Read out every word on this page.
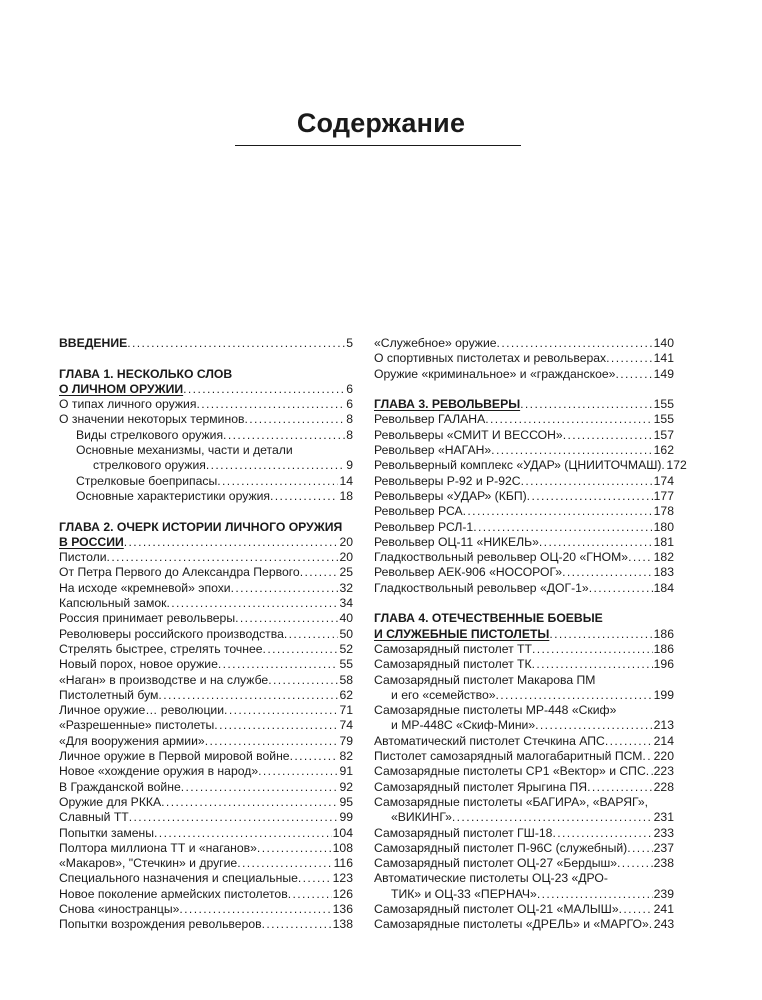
Содержание
ВВЕДЕНИЕ . . .	5
ГЛАВА 1. НЕСКОЛЬКО СЛОВ
О ЛИЧНОМ ОРУЖИИ . . .	6
О типах личного оружия . . .	6
О значении некоторых терминов . . .	8
Виды стрелкового оружия . . .	8
Основные механизмы, части и детали
стрелкового оружия . . .	9
Стрелковые боеприпасы . . .	14
Основные характеристики оружия . . .	18
ГЛАВА 2. ОЧЕРК ИСТОРИИ ЛИЧНОГО ОРУЖИЯ
В РОССИИ . . .	20
Пистоли . . .	20
От Петра Первого до Александра Первого . . .	25
На исходе «кремневой» эпохи . . .	32
Капсюльный замок . . .	34
Россия принимает револьверы . . .	40
Революверы российского производства . . .	50
Стрелять быстрее, стрелять точнее . . .	52
Новый порох, новое оружие . . .	55
«Наган» в производстве и на службе . . .	58
Пистолетный бум . . .	62
Личное оружие… революции . . .	71
«Разрешенные» пистолеты . . .	74
«Для вооружения армии» . . .	79
Личное оружие в Первой мировой войне . . .	82
Новое «хождение оружия в народ» . . .	91
В Гражданской войне . . .	92
Оружие для РККА . . .	95
Славный ТТ . . .	99
Попытки замены . . .	104
Полтора миллиона ТТ и «наганов» . . .	108
«Макаров», "Стечкин» и другие . . .	116
Специального назначения и специальные . . .	123
Новое поколение армейских пистолетов . . .	126
Снова «иностранцы» . . .	136
Попытки возрождения револьверов . . .	138
«Служебное» оружие . . .	140
О спортивных пистолетах и револьверах . . .	141
Оружие «криминальное» и «гражданское» . . .	149
ГЛАВА 3. РЕВОЛЬВЕРЫ . . .	155
Револьвер ГАЛАНА . . .	155
Револьверы «СМИТ И ВЕССОН» . . .	157
Револьвер «НАГАН» . . .	162
Револьверный комплекс «УДАР» (ЦНИИТОЧМАШ) . . . 172
Револьверы Р-92 и Р-92С . . .	174
Револьверы «УДАР» (КБП) . . .	177
Револьвер РСА . . .	178
Револьвер РСЛ-1 . . .	180
Револьвер ОЦ-11 «НИКЕЛЬ» . . .	181
Гладкоствольный револьвер ОЦ-20 «ГНОМ» . . . 182
Револьвер АЕК-906 «НОСОРОГ» . . .	183
Гладкоствольный револьвер «ДОГ-1» . . .	184
ГЛАВА 4. ОТЕЧЕСТВЕННЫЕ БОЕВЫЕ
И СЛУЖЕБНЫЕ ПИСТОЛЕТЫ . . .	186
Самозарядный пистолет ТТ . . .	186
Самозарядный пистолет ТК . . .	196
Самозарядный пистолет Макарова ПМ
и его «семейство» . . .	199
Самозарядные пистолеты МР-448 «Скиф»
и МР-448С «Скиф-Мини» . . .	213
Автоматический пистолет Стечкина АПС . . .	214
Пистолет самозарядный малогабаритный ПСМ . . . 220
Самозарядные пистолеты СР1 «Вектор» и СПС . . . 223
Самозарядный пистолет Ярыгина ПЯ . . .	228
Самозарядные пистолеты «БАГИРА», «ВАРЯГ»,
«ВИКИНГ» . . .	231
Самозарядный пистолет ГШ-18 . . .	233
Самозарядный пистолет П-96С (служебный) . . . 237
Самозарядный пистолет ОЦ-27 «Бердыш» . . .	238
Автоматические пистолеты ОЦ-23 «ДРО-
ТИК» и ОЦ-33 «ПЕРНАЧ» . . .	239
Самозарядный пистолет ОЦ-21 «МАЛЫШ» . . .	241
Самозарядные пистолеты «ДРЕЛЬ» и «МАРГО» . . . 243
